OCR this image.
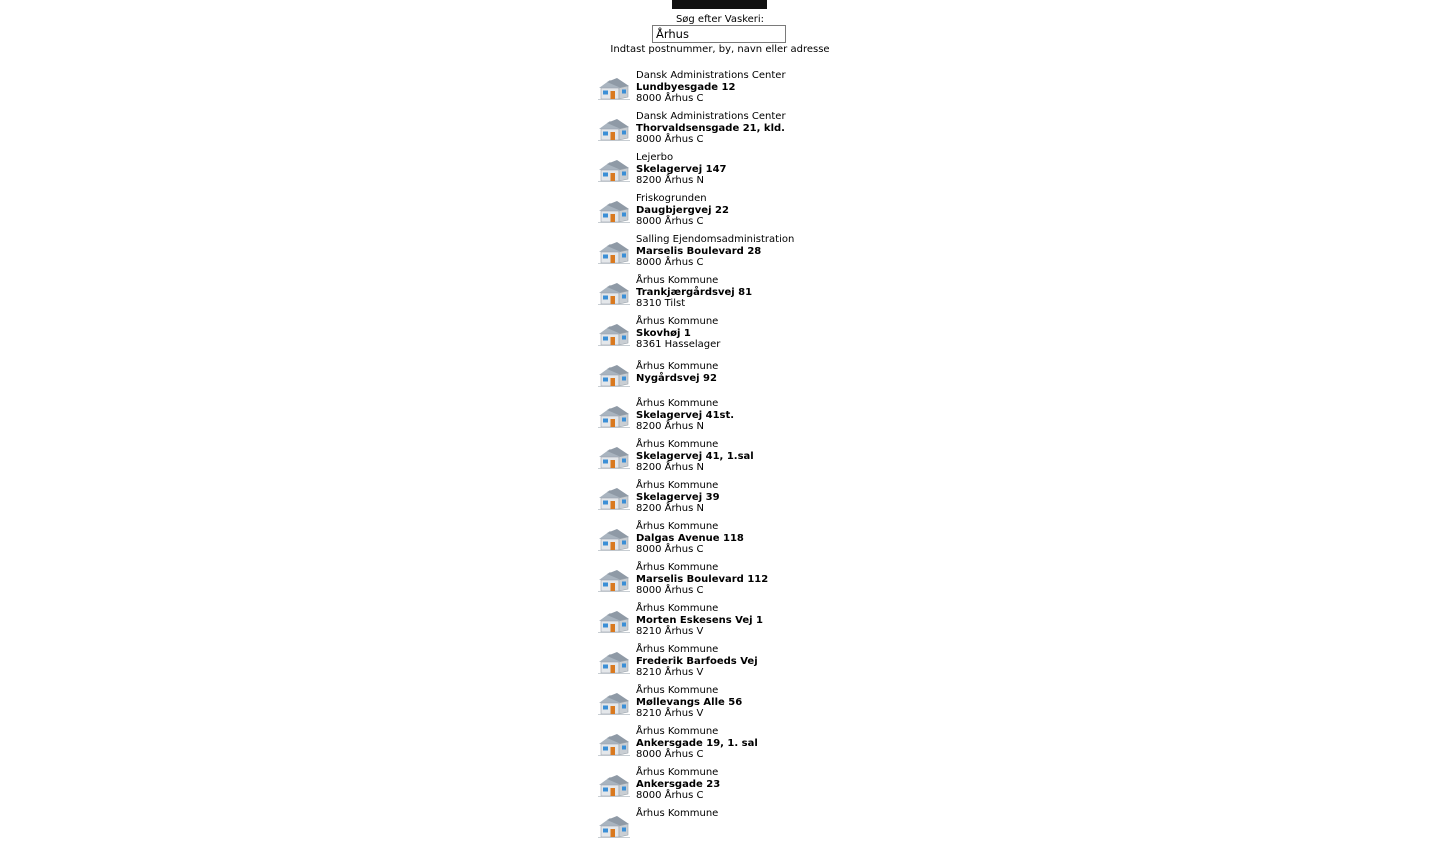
Søg efter Vaskeri:
Århus
Indtast postnummer, by, navn eller adresse
Dansk Administrations Center
Lundbyesgade 12
8000 Århus C
Dansk Administrations Center
Thorvaldsensgade 21, kld.
8000 Århus C
Lejerbo
Skelagervej 147
8200 Århus N
Friskogrunden
Daugbjergvej 22
8000 Århus C
Salling Ejendomsadministration
Marselis Boulevard 28
8000 Århus C
Århus Kommune
Trankjærgårdsvej 81
8310 Tilst
Århus Kommune
Skovhøj 1
8361 Hasselager
Århus Kommune
Nygårdsvej 92
Århus Kommune
Skelagervej 41st.
8200 Århus N
Århus Kommune
Skelagervej 41, 1.sal
8200 Århus N
Århus Kommune
Skelagervej 39
8200 Århus N
Århus Kommune
Dalgas Avenue 118
8000 Århus C
Århus Kommune
Marselis Boulevard 112
8000 Århus C
Århus Kommune
Morten Eskesens Vej 1
8210 Århus V
Århus Kommune
Frederik Barfoeds Vej
8210 Århus V
Århus Kommune
Møllevangs Alle 56
8210 Århus V
Århus Kommune
Ankersgade 19, 1. sal
8000 Århus C
Århus Kommune
Ankersgade 23
8000 Århus C
Århus Kommune
